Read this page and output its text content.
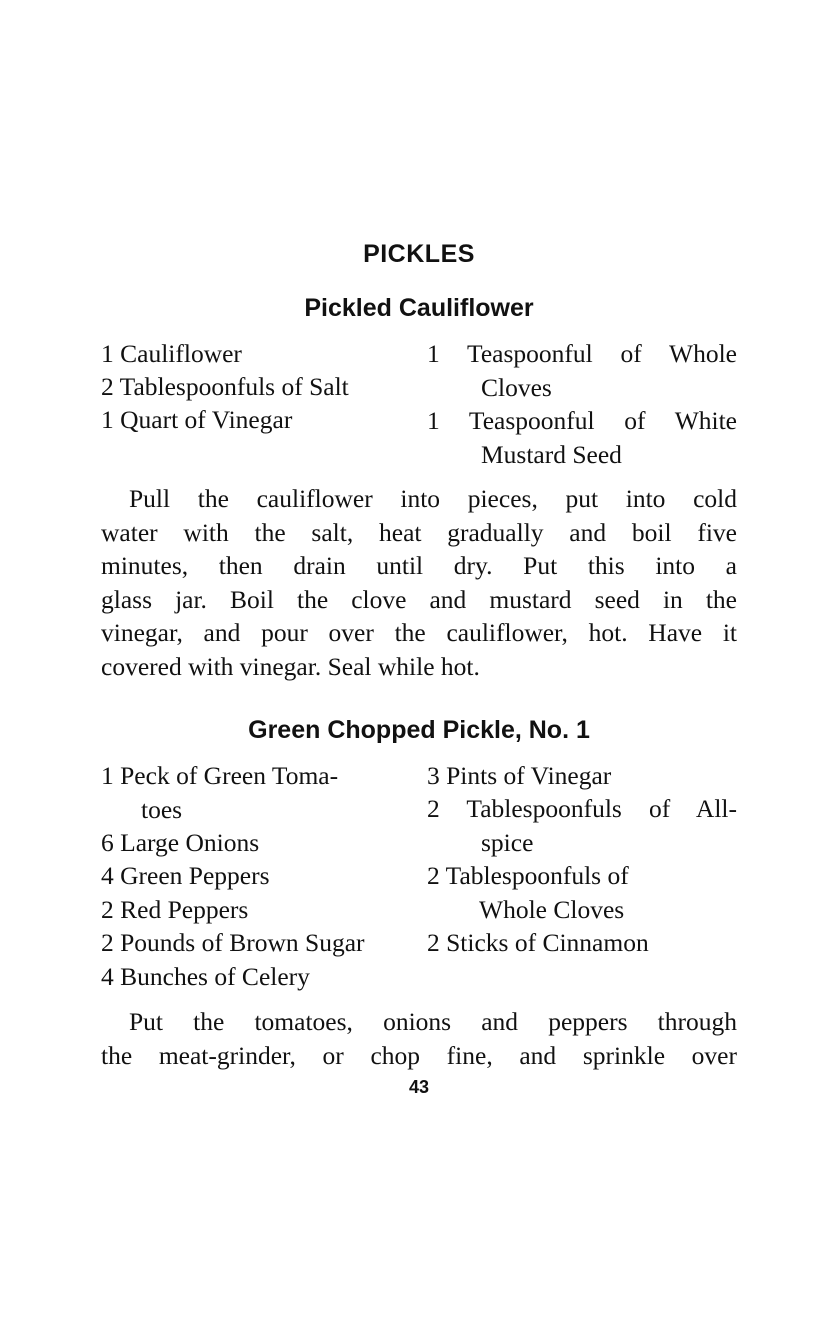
PICKLES
Pickled Cauliflower
1 Cauliflower
2 Tablespoonfuls of Salt
1 Quart of Vinegar
1 Teaspoonful of Whole
Cloves
1 Teaspoonful of White
Mustard Seed
Pull the cauliflower into pieces, put into cold
water with the salt, heat gradually and boil five
minutes, then drain until dry. Put this into a
glass jar. Boil the clove and mustard seed in the
vinegar, and pour over the cauliflower, hot. Have it
covered with vinegar. Seal while hot.
Green Chopped Pickle, No. 1
1 Peck of Green Toma-
toes
6 Large Onions
4 Green Peppers
2 Red Peppers
2 Pounds of Brown Sugar
4 Bunches of Celery
3 Pints of Vinegar
2 Tablespoonfuls of All-
spice
2 Tablespoonfuls of
Whole Cloves
2 Sticks of Cinnamon
Put the tomatoes, onions and peppers through
the meat-grinder, or chop fine, and sprinkle over
43
